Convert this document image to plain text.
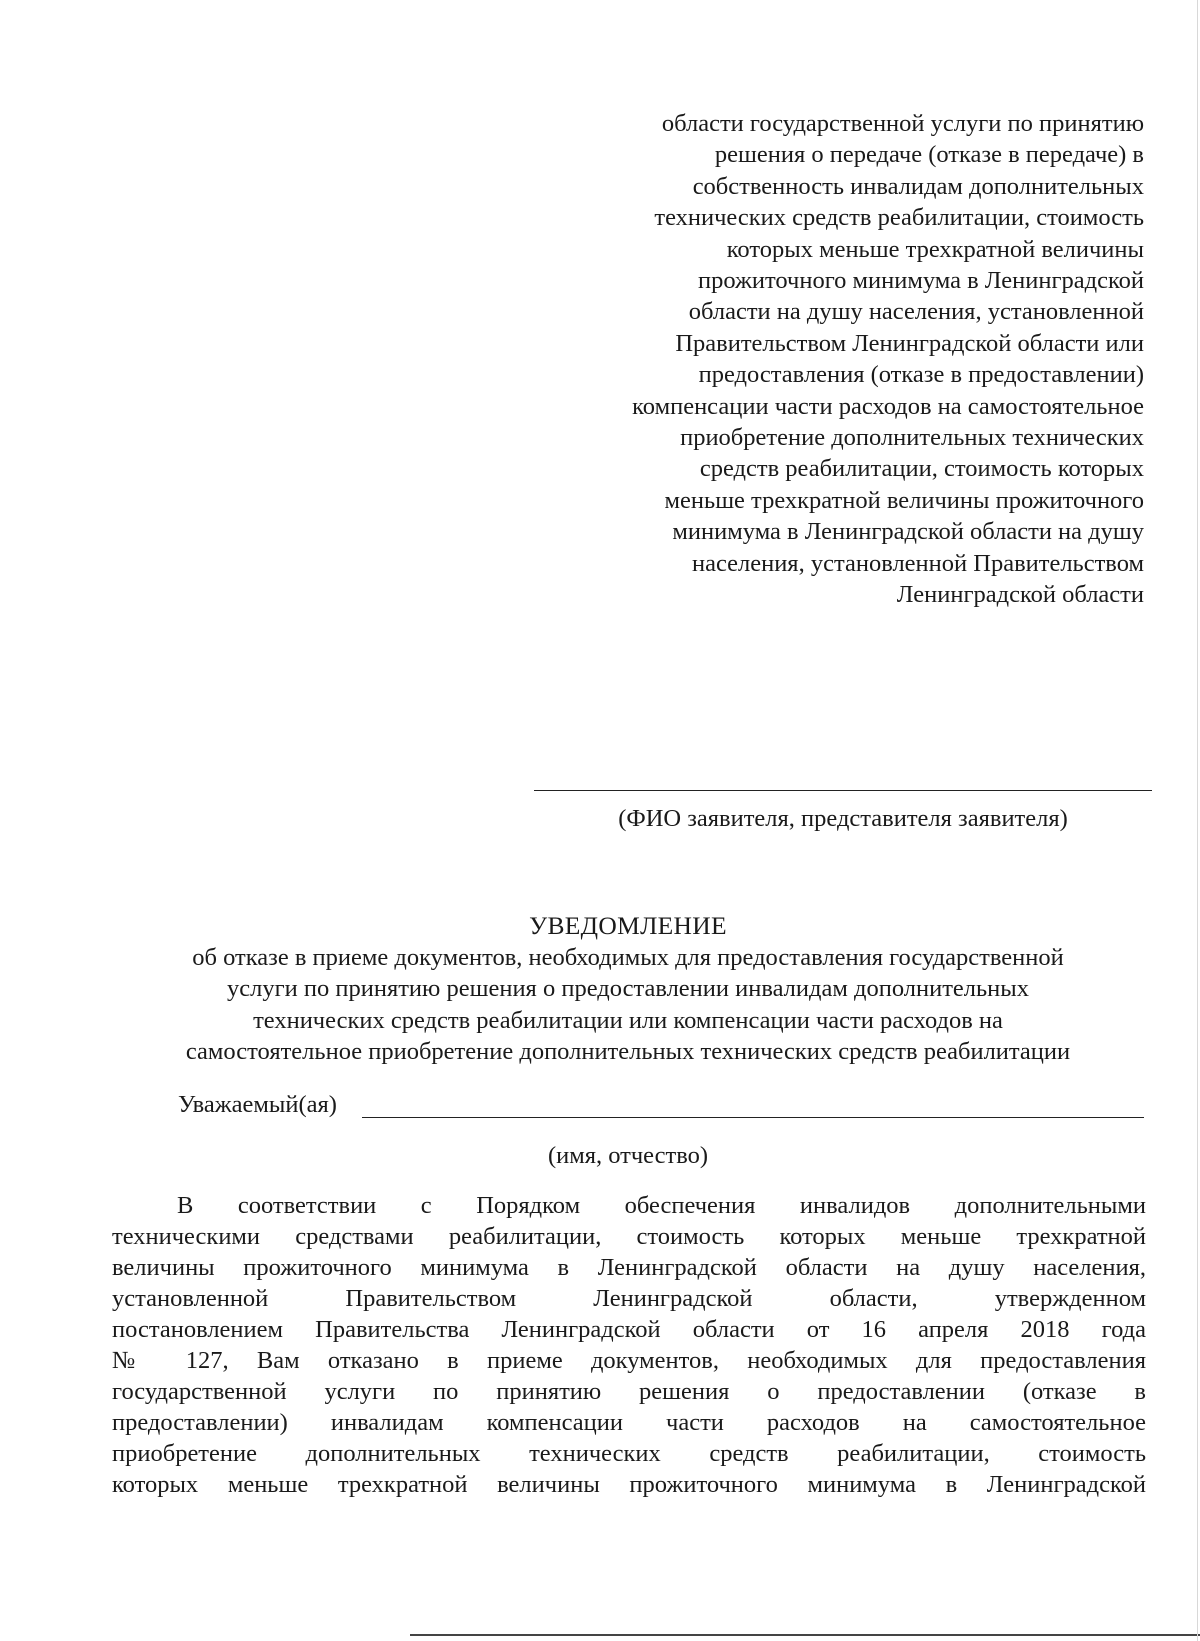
области государственной услуги по принятию
решения о передаче (отказе в передаче) в
собственность инвалидам дополнительных
технических средств реабилитации, стоимость
которых меньше трехкратной величины
прожиточного минимума в Ленинградской
области на душу населения, установленной
Правительством Ленинградской области или
предоставления (отказе в предоставлении)
компенсации части расходов на самостоятельное
приобретение дополнительных технических
средств реабилитации, стоимость которых
меньше трехкратной величины прожиточного
минимума в Ленинградской области на душу
населения, установленной Правительством
Ленинградской области
(ФИО заявителя, представителя заявителя)
УВЕДОМЛЕНИЕ
об отказе в приеме документов, необходимых для предоставления государственной
услуги по принятию решения о предоставлении инвалидам дополнительных
технических средств реабилитации или компенсации части расходов на
самостоятельное приобретение дополнительных технических средств реабилитации
Уважаемый(ая)
(имя, отчество)
В соответствии с Порядком обеспечения инвалидов дополнительными
техническими средствами реабилитации, стоимость которых меньше трехкратной
величины прожиточного минимума в Ленинградской области на душу населения,
установленной Правительством Ленинградской области, утвержденном
постановлением Правительства Ленинградской области от 16 апреля 2018 года
№ 127, Вам отказано в приеме документов, необходимых для предоставления
государственной услуги по принятию решения о предоставлении (отказе в
предоставлении) инвалидам компенсации части расходов на самостоятельное
приобретение дополнительных технических средств реабилитации, стоимость
которых меньше трехкратной величины прожиточного минимума в Ленинградской
